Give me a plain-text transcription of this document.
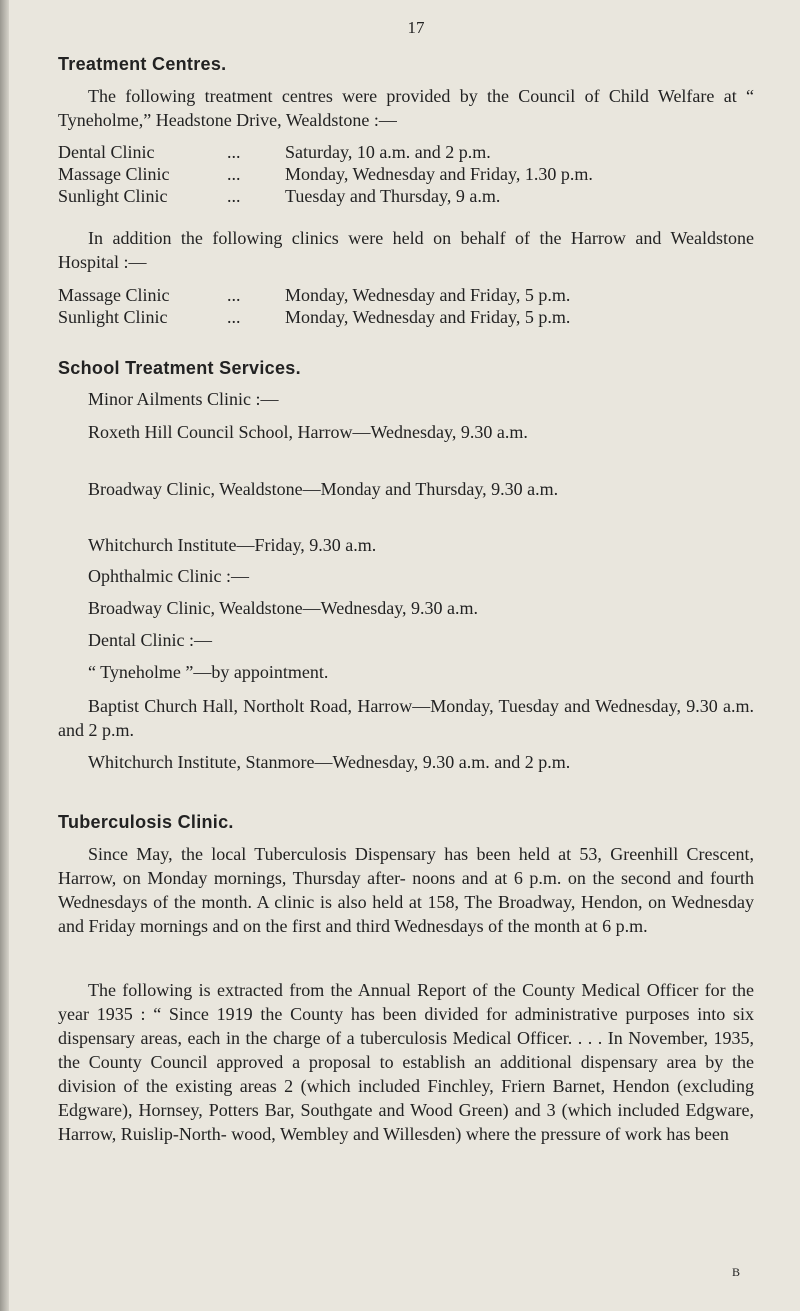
17
Treatment Centres.
The following treatment centres were provided by the Council of Child Welfare at “ Tyneholme,” Headstone Drive, Wealdstone :—
Dental Clinic	... Saturday, 10 a.m. and 2 p.m.
Massage Clinic	... Monday, Wednesday and Friday, 1.30 p.m.
Sunlight Clinic	... Tuesday and Thursday, 9 a.m.
In addition the following clinics were held on behalf of the Harrow and Wealdstone Hospital :—
Massage Clinic	... Monday, Wednesday and Friday, 5 p.m.
Sunlight Clinic	... Monday, Wednesday and Friday, 5 p.m.
School Treatment Services.
Minor Ailments Clinic :—
Roxeth Hill Council School, Harrow—Wednesday, 9.30 a.m.
Broadway Clinic, Wealdstone—Monday and Thursday, 9.30 a.m.
Whitchurch Institute—Friday, 9.30 a.m.
Ophthalmic Clinic :—
Broadway Clinic, Wealdstone—Wednesday, 9.30 a.m.
Dental Clinic :—
“ Tyneholme ”—by appointment.
Baptist Church Hall, Northolt Road, Harrow—Monday, Tuesday and Wednesday, 9.30 a.m. and 2 p.m.
Whitchurch Institute, Stanmore—Wednesday, 9.30 a.m. and 2 p.m.
Tuberculosis Clinic.
Since May, the local Tuberculosis Dispensary has been held at 53, Greenhill Crescent, Harrow, on Monday mornings, Thursday after- noons and at 6 p.m. on the second and fourth Wednesdays of the month. A clinic is also held at 158, The Broadway, Hendon, on Wednesday and Friday mornings and on the first and third Wednesdays of the month at 6 p.m.
The following is extracted from the Annual Report of the County Medical Officer for the year 1935 : “ Since 1919 the County has been divided for administrative purposes into six dispensary areas, each in the charge of a tuberculosis Medical Officer. . . . In November, 1935, the County Council approved a proposal to establish an additional dispensary area by the division of the existing areas 2 (which included Finchley, Friern Barnet, Hendon (excluding Edgware), Hornsey, Potters Bar, Southgate and Wood Green) and 3 (which included Edgware, Harrow, Ruislip-North- wood, Wembley and Willesden) where the pressure of work has been
B
